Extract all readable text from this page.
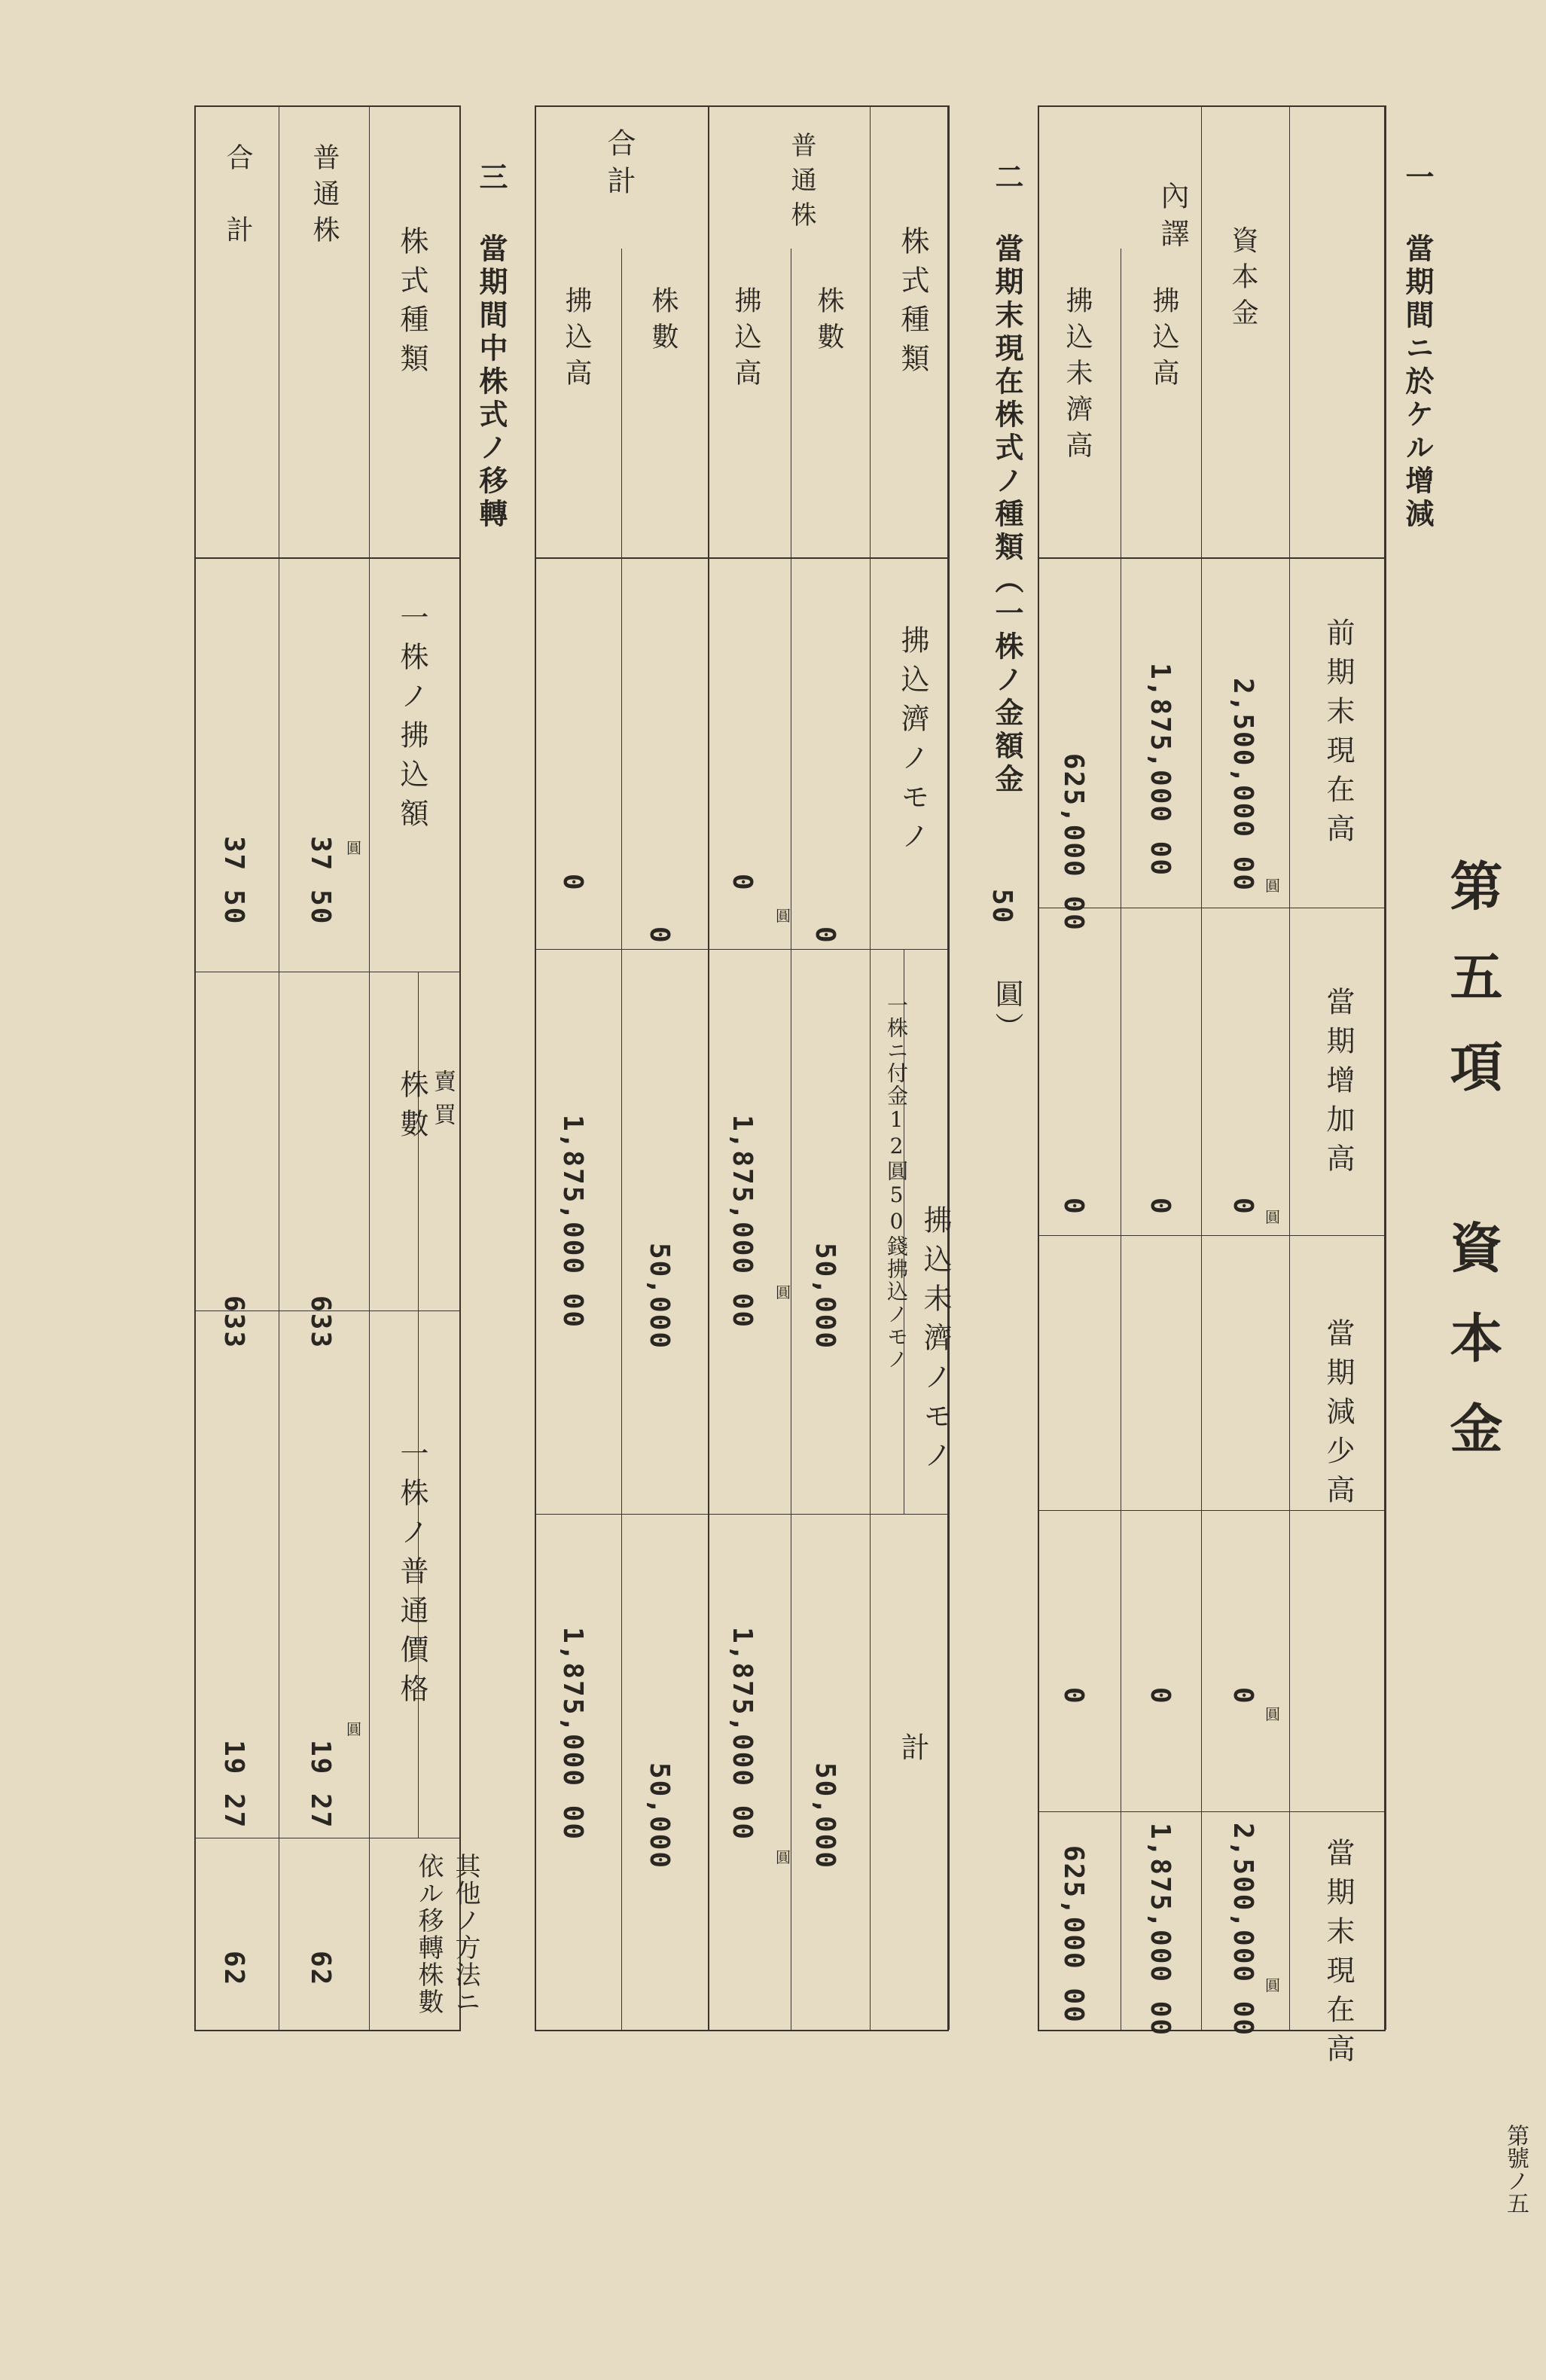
第五項　資本金
第號ノ五
一 當期間ニ於ケル增減
前期末現在高
當期增加高
當期減少高
當期末現在高
圓
圓
圓
圓
資本金
內譯
拂込高
拂込未濟高
2,500,000 00
0
0
2,500,000 00
1,875,000 00
0
0
1,875,000 00
625,000 00
0
0
625,000 00
二 當期末現在株式ノ種類（一株ノ金額金
50
圓）
株式種類
拂込濟ノモノ
拂込未濟ノモノ
一株ニ付金12圓50錢拂込ノモノ
計
圓
圓
圓
普通株
株數
拂込高
合計
株數
拂込高
0
50,000
50,000
0
1,875,000 00
1,875,000 00
0
50,000
50,000
0
1,875,000 00
1,875,000 00
三 當期間中株式ノ移轉
株式種類
一株ノ拂込額
賣買
株數
一株ノ普通價格
其他ノ方法ニ依ル移轉株數
圓
圓
普通株
37 50
633
19 27
62
合計
37 50
633
19 27
62
